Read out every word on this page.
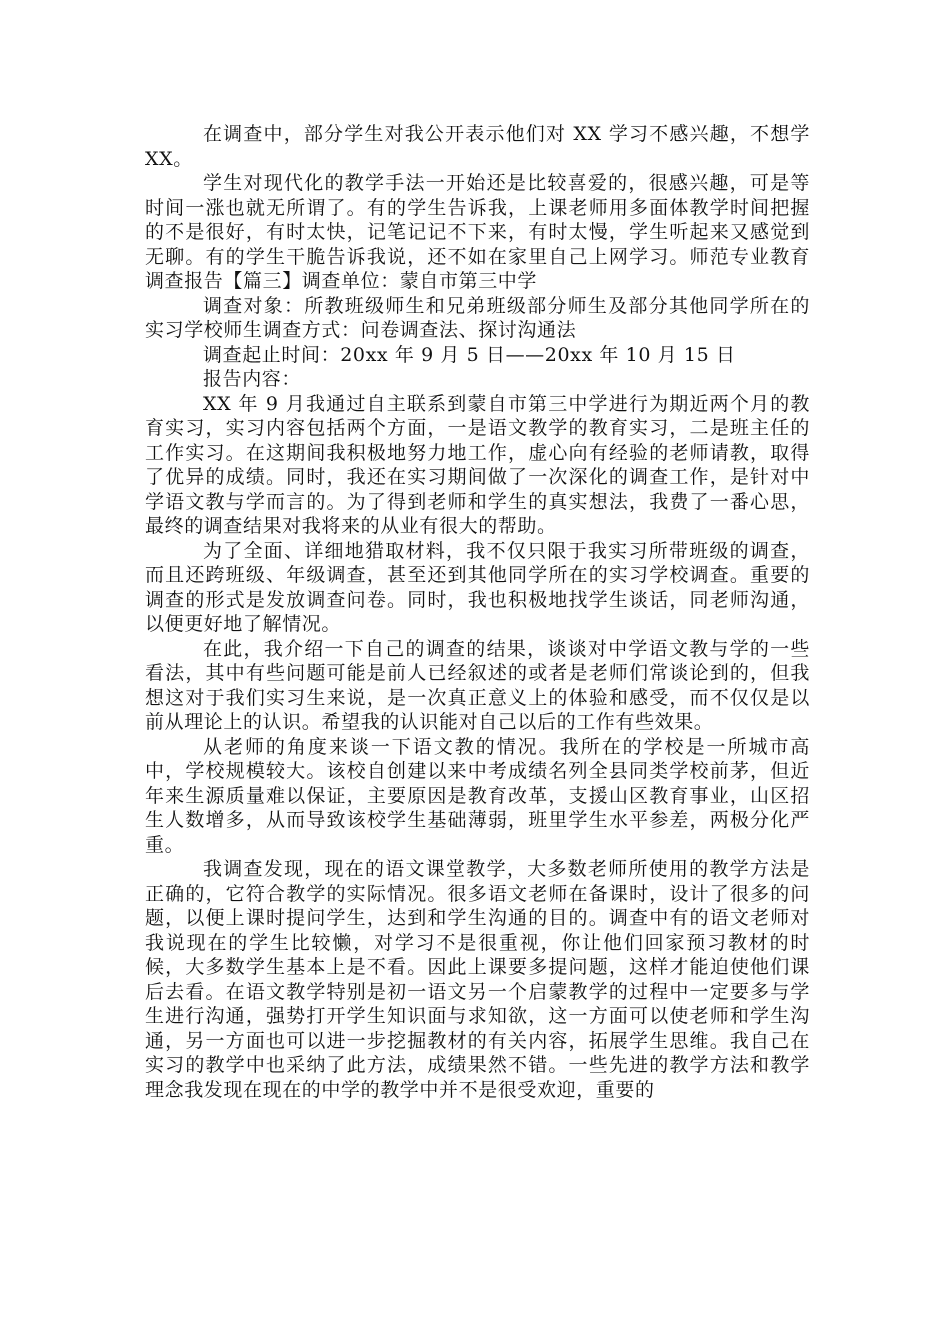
在调查中，部分学生对我公开表示他们对 XX 学习不感兴趣，不想学 XX。

学生对现代化的教学手法一开始还是比较喜爱的，很感兴趣，可是等时间一涨也就无所谓了。有的学生告诉我，上课老师用多面体教学时间把握的不是很好，有时太快，记笔记记不下来，有时太慢，学生听起来又感觉到无聊。有的学生干脆告诉我说，还不如在家里自己上网学习。师范专业教育调查报告【篇三】调查单位：蒙自市第三中学

调查对象：所教班级师生和兄弟班级部分师生及部分其他同学所在的实习学校师生调查方式：问卷调查法、探讨沟通法

调查起止时间：20xx 年 9 月 5 日——20xx 年 10 月 15 日

报告内容：

XX 年 9 月我通过自主联系到蒙自市第三中学进行为期近两个月的教育实习，实习内容包括两个方面，一是语文教学的教育实习，二是班主任的工作实习。在这期间我积极地努力地工作，虚心向有经验的老师请教，取得了优异的成绩。同时，我还在实习期间做了一次深化的调查工作，是针对中学语文教与学而言的。为了得到老师和学生的真实想法，我费了一番心思，最终的调查结果对我将来的从业有很大的帮助。

为了全面、详细地猎取材料，我不仅只限于我实习所带班级的调查，而且还跨班级、年级调查，甚至还到其他同学所在的实习学校调查。重要的调查的形式是发放调查问卷。同时，我也积极地找学生谈话，同老师沟通，以便更好地了解情况。

在此，我介绍一下自己的调查的结果，谈谈对中学语文教与学的一些看法，其中有些问题可能是前人已经叙述的或者是老师们常谈论到的，但我想这对于我们实习生来说，是一次真正意义上的体验和感受，而不仅仅是以前从理论上的认识。希望我的认识能对自己以后的工作有些效果。

从老师的角度来谈一下语文教的情况。我所在的学校是一所城市高中，学校规模较大。该校自创建以来中考成绩名列全县同类学校前茅，但近年来生源质量难以保证，主要原因是教育改革，支援山区教育事业，山区招生人数增多，从而导致该校学生基础薄弱，班里学生水平参差，两极分化严重。

我调查发现，现在的语文课堂教学，大多数老师所使用的教学方法是正确的，它符合教学的实际情况。很多语文老师在备课时，设计了很多的问题，以便上课时提问学生，达到和学生沟通的目的。调查中有的语文老师对我说现在的学生比较懒，对学习不是很重视，你让他们回家预习教材的时候，大多数学生基本上是不看。因此上课要多提问题，这样才能迫使他们课后去看。在语文教学特别是初一语文另一个启蒙教学的过程中一定要多与学生进行沟通，强势打开学生知识面与求知欲，这一方面可以使老师和学生沟通，另一方面也可以进一步挖掘教材的有关内容，拓展学生思维。我自己在实习的教学中也采纳了此方法，成绩果然不错。一些先进的教学方法和教学理念我发现在现在的中学的教学中并不是很受欢迎，重要的
